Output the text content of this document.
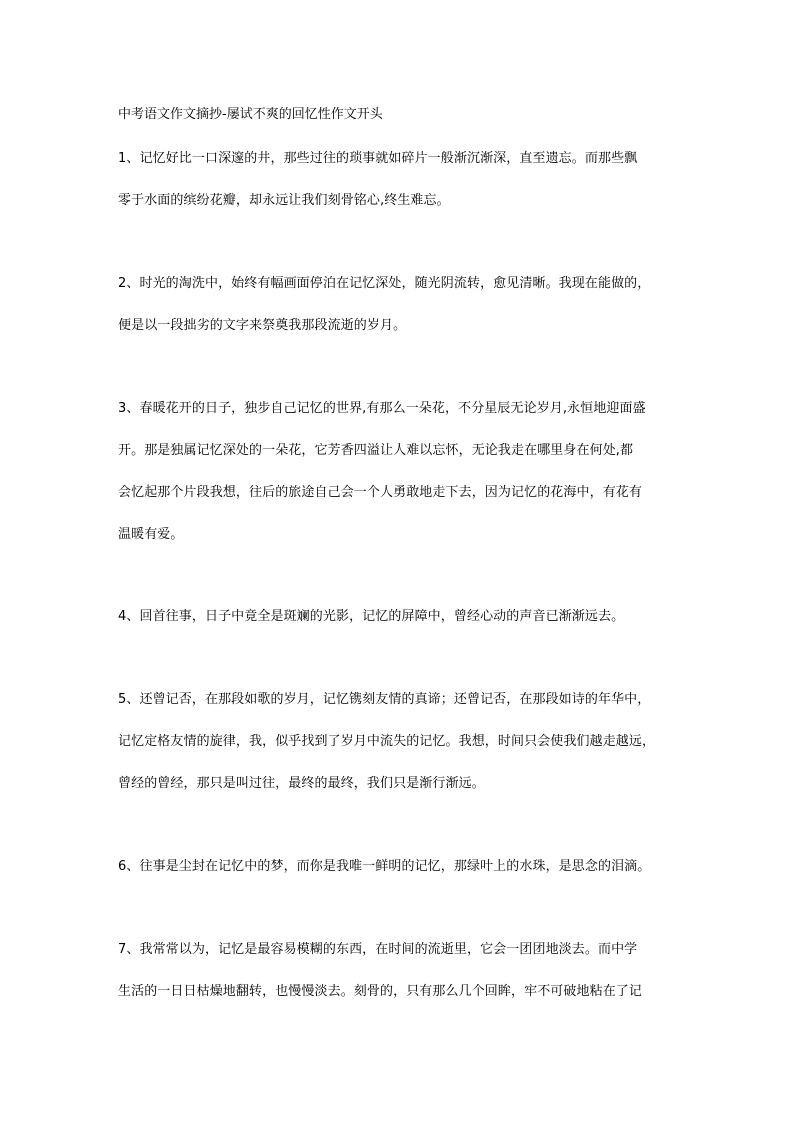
中考语文作文摘抄-屡试不爽的回忆性作文开头
1、记忆好比一口深邃的井，那些过往的琐事就如碎片一般渐沉渐深，直至遗忘。而那些飘
零于水面的缤纷花瓣，却永远让我们刻骨铭心,终生难忘。
2、时光的淘洗中，始终有幅画面停泊在记忆深处，随光阴流转，愈见清晰。我现在能做的，
便是以一段拙劣的文字来祭奠我那段流逝的岁月。
3、春暖花开的日子，独步自己记忆的世界,有那么一朵花，不分星辰无论岁月,永恒地迎面盛
开。那是独属记忆深处的一朵花，它芳香四溢让人难以忘怀，无论我走在哪里身在何处,都
会忆起那个片段我想，往后的旅途自己会一个人勇敢地走下去，因为记忆的花海中，有花有
温暖有爱。
4、回首往事，日子中竟全是斑斓的光影，记忆的屏障中，曾经心动的声音已渐渐远去。
5、还曾记否，在那段如歌的岁月，记忆镌刻友情的真谛；还曾记否，在那段如诗的年华中，
记忆定格友情的旋律，我，似乎找到了岁月中流失的记忆。我想，时间只会使我们越走越远，
曾经的曾经，那只是叫过往，最终的最终，我们只是渐行渐远。
6、往事是尘封在记忆中的梦，而你是我唯一鲜明的记忆，那绿叶上的水珠，是思念的泪滴。
7、我常常以为，记忆是最容易模糊的东西，在时间的流逝里，它会一团团地淡去。而中学
生活的一日日枯燥地翻转，也慢慢淡去。刻骨的，只有那么几个回眸，牢不可破地粘在了记
